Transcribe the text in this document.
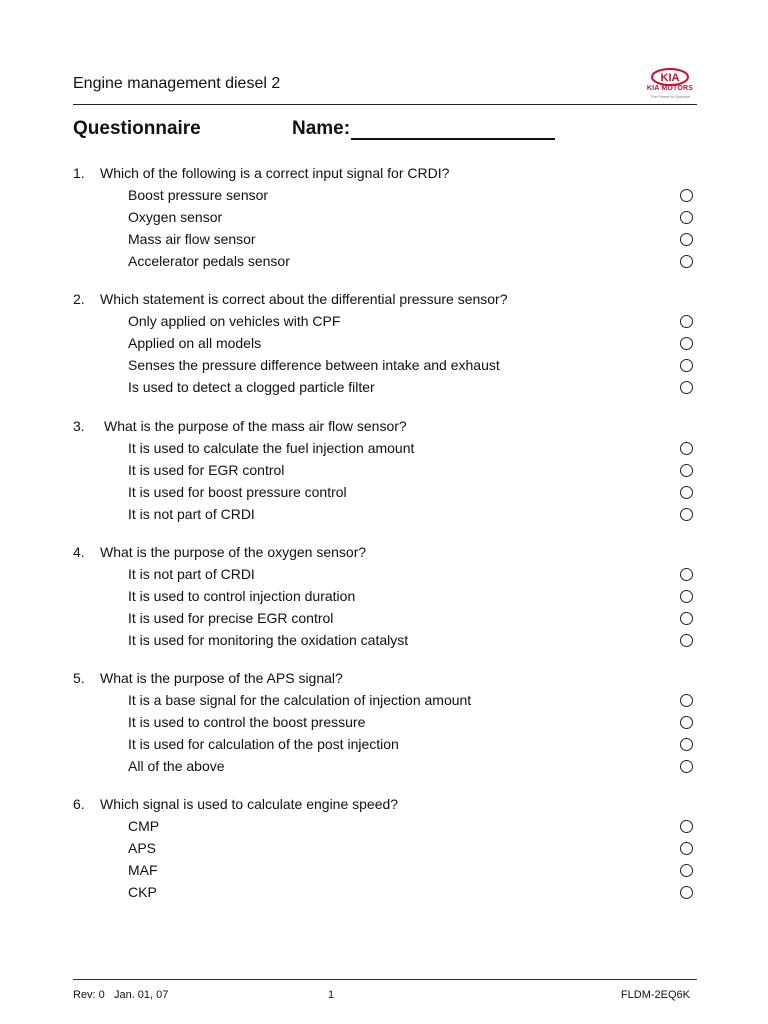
Engine management diesel 2	KIA
KIA MOTORS
The Power to Surprise
Questionnaire	Name:
1. Which of the following is a correct input signal for CRDI?
Boost pressure sensor
Oxygen sensor
Mass air flow sensor
Accelerator pedals sensor
2. Which statement is correct about the differential pressure sensor?
Only applied on vehicles with CPF
Applied on all models
Senses the pressure difference between intake and exhaust
Is used to detect a clogged particle filter
3. What is the purpose of the mass air flow sensor?
It is used to calculate the fuel injection amount
It is used for EGR control
It is used for boost pressure control
It is not part of CRDI
4. What is the purpose of the oxygen sensor?
It is not part of CRDI
It is used to control injection duration
It is used for precise EGR control
It is used for monitoring the oxidation catalyst
5. What is the purpose of the APS signal?
It is a base signal for the calculation of injection amount
It is used to control the boost pressure
It is used for calculation of the post injection
All of the above
6. Which signal is used to calculate engine speed?
CMP
APS
MAF
CKP
Rev: 0   Jan. 01, 07	1	FLDM-2EQ6K
